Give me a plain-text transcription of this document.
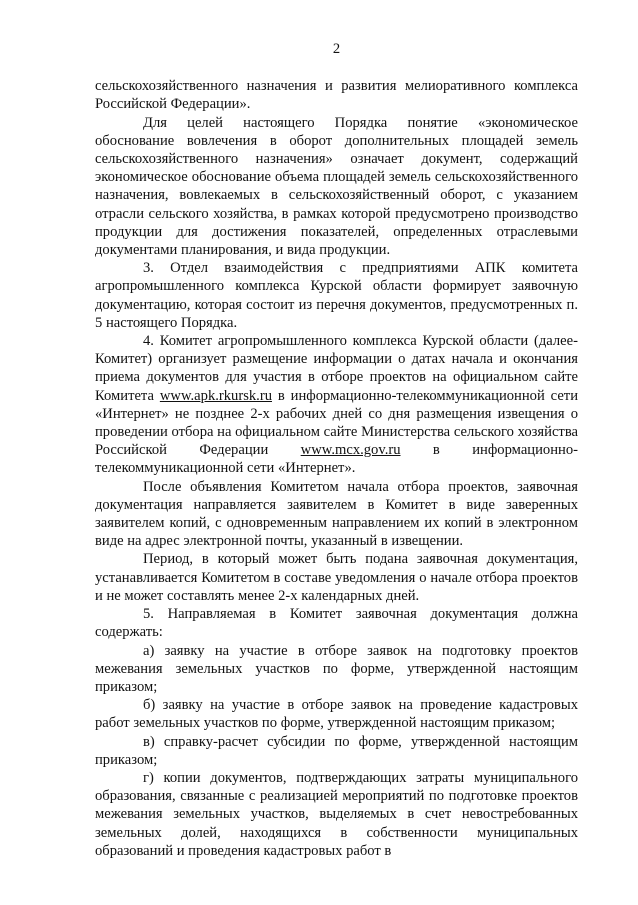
2

сельскохозяйственного назначения и развития мелиоративного комплекса Российской Федерации».

Для целей настоящего Порядка понятие «экономическое обоснование вовлечения в оборот дополнительных площадей земель сельскохозяйственного назначения» означает документ, содержащий экономическое обоснование объема площадей земель сельскохозяйственного назначения, вовлекаемых в сельскохозяйственный оборот, с указанием отрасли сельского хозяйства, в рамках которой предусмотрено производство продукции для достижения показателей, определенных отраслевыми документами планирования, и вида продукции.

3. Отдел взаимодействия с предприятиями АПК комитета агропромышленного комплекса Курской области формирует заявочную документацию, которая состоит из перечня документов, предусмотренных п. 5 настоящего Порядка.

4. Комитет агропромышленного комплекса Курской области (далее- Комитет) организует размещение информации о датах начала и окончания приема документов для участия в отборе проектов на официальном сайте Комитета www.apk.rkursk.ru в информационно-телекоммуникационной сети «Интернет» не позднее 2-х рабочих дней со дня размещения извещения о проведении отбора на официальном сайте Министерства сельского хозяйства Российской Федерации www.mcx.gov.ru в информационно-телекоммуникационной сети «Интернет».

После объявления Комитетом начала отбора проектов, заявочная документация направляется заявителем в Комитет в виде заверенных заявителем копий, с одновременным направлением их копий в электронном виде на адрес электронной почты, указанный в извещении.

Период, в который может быть подана заявочная документация, устанавливается Комитетом в составе уведомления о начале отбора проектов и не может составлять менее 2-х календарных дней.

5. Направляемая в Комитет заявочная документация должна содержать:

а) заявку на участие в отборе заявок на подготовку проектов межевания земельных участков по форме, утвержденной настоящим приказом;

б) заявку на участие в отборе заявок на проведение кадастровых работ земельных участков по форме, утвержденной настоящим приказом;

в) справку-расчет субсидии по форме, утвержденной настоящим приказом;

г) копии документов, подтверждающих затраты муниципального образования, связанные с реализацией мероприятий по подготовке проектов межевания земельных участков, выделяемых в счет невостребованных земельных долей, находящихся в собственности муниципальных образований и проведения кадастровых работ в
